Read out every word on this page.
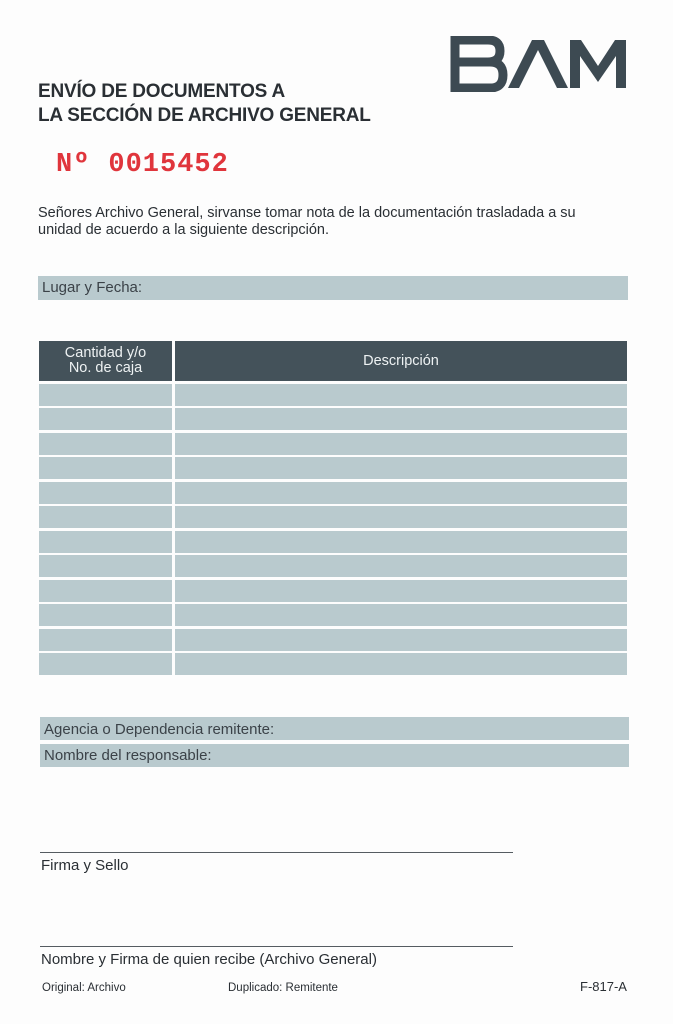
ENVÍO DE DOCUMENTOS A
LA SECCIÓN DE ARCHIVO GENERAL
Nº 0015452
Señores Archivo General, sirvanse tomar nota de la documentación trasladada a su
unidad de acuerdo a la siguiente descripción.
Lugar y Fecha:
Cantidad y/o
No. de caja	Descripción
Agencia o Dependencia remitente:
Nombre del responsable:
Firma y Sello
Nombre y Firma de quien recibe (Archivo General)
Original: Archivo	Duplicado: Remitente	F-817-A
